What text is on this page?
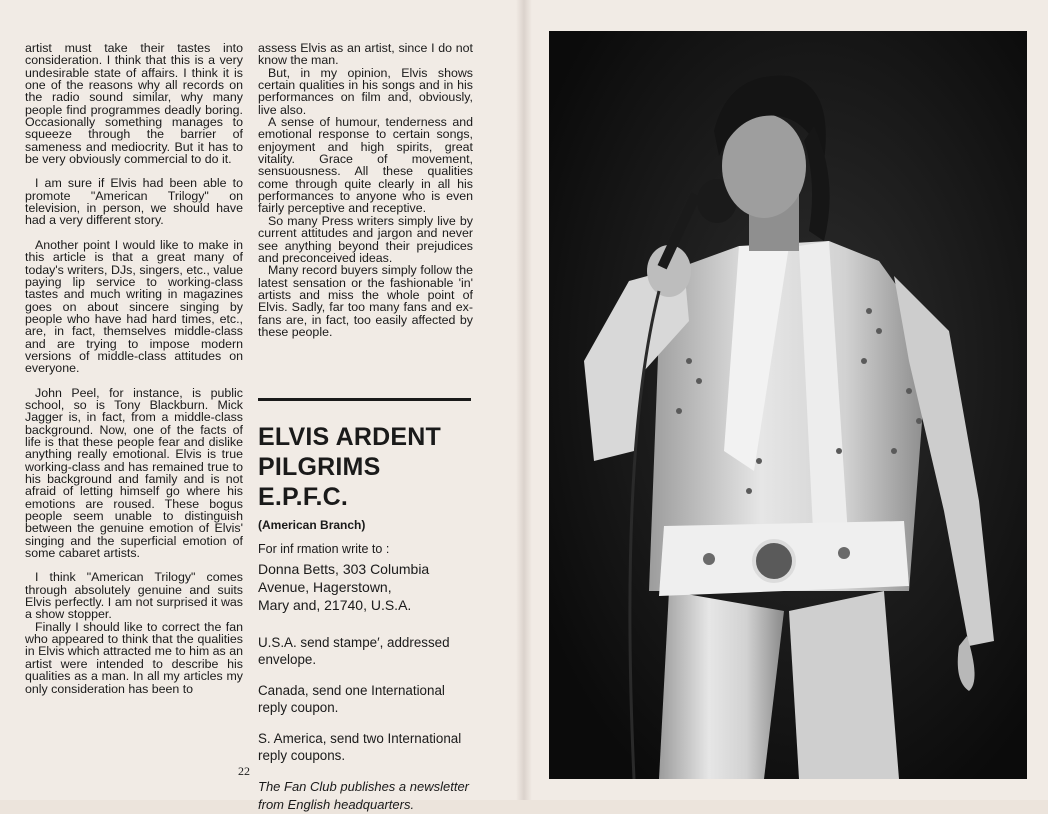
artist must take their tastes into consideration. I think that this is a very undesirable state of affairs. I think it is one of the reasons why all records on the radio sound similar, why many people find programmes deadly boring. Occasionally something manages to squeeze through the barrier of sameness and mediocrity. But it has to be very obviously commercial to do it.

I am sure if Elvis had been able to promote "American Trilogy" on television, in person, we should have had a very different story.

Another point I would like to make in this article is that a great many of today's writers, DJs, singers, etc., value paying lip service to working-class tastes and much writing in magazines goes on about sincere singing by people who have had hard times, etc., are, in fact, themselves middle-class and are trying to impose modern versions of middle-class attitudes on everyone.

John Peel, for instance, is public school, so is Tony Blackburn. Mick Jagger is, in fact, from a middle-class background. Now, one of the facts of life is that these people fear and dislike anything really emotional. Elvis is true working-class and has remained true to his background and family and is not afraid of letting himself go where his emotions are roused. These bogus people seem unable to distinguish between the genuine emotion of Elvis' singing and the superficial emotion of some cabaret artists.

I think "American Trilogy" comes through absolutely genuine and suits Elvis perfectly. I am not surprised it was a show stopper.

Finally I should like to correct the fan who appeared to think that the qualities in Elvis which attracted me to him as an artist were intended to describe his qualities as a man. In all my articles my only consideration has been to

assess Elvis as an artist, since I do not know the man.

But, in my opinion, Elvis shows certain qualities in his songs and in his performances on film and, obviously, live also.

A sense of humour, tenderness and emotional response to certain songs, enjoyment and high spirits, great vitality. Grace of movement, sensuousness. All these qualities come through quite clearly in all his performances to anyone who is even fairly perceptive and receptive.

So many Press writers simply live by current attitudes and jargon and never see anything beyond their prejudices and preconceived ideas.

Many record buyers simply follow the latest sensation or the fashionable 'in' artists and miss the whole point of Elvis. Sadly, far too many fans and ex-fans are, in fact, too easily affected by these people.

ELVIS ARDENT
PILGRIMS E.P.F.C.
(American Branch)
For inf rmation write to :
Donna Betts, 303 Columbia
Avenue, Hagerstown,
Mary and, 21740, U.S.A.

U.S.A. send stampe′, addressed envelope.

Canada, send one International reply coupon.

S. America, send two International reply coupons.

The Fan Club publishes a newsletter from English headquarters.

22
